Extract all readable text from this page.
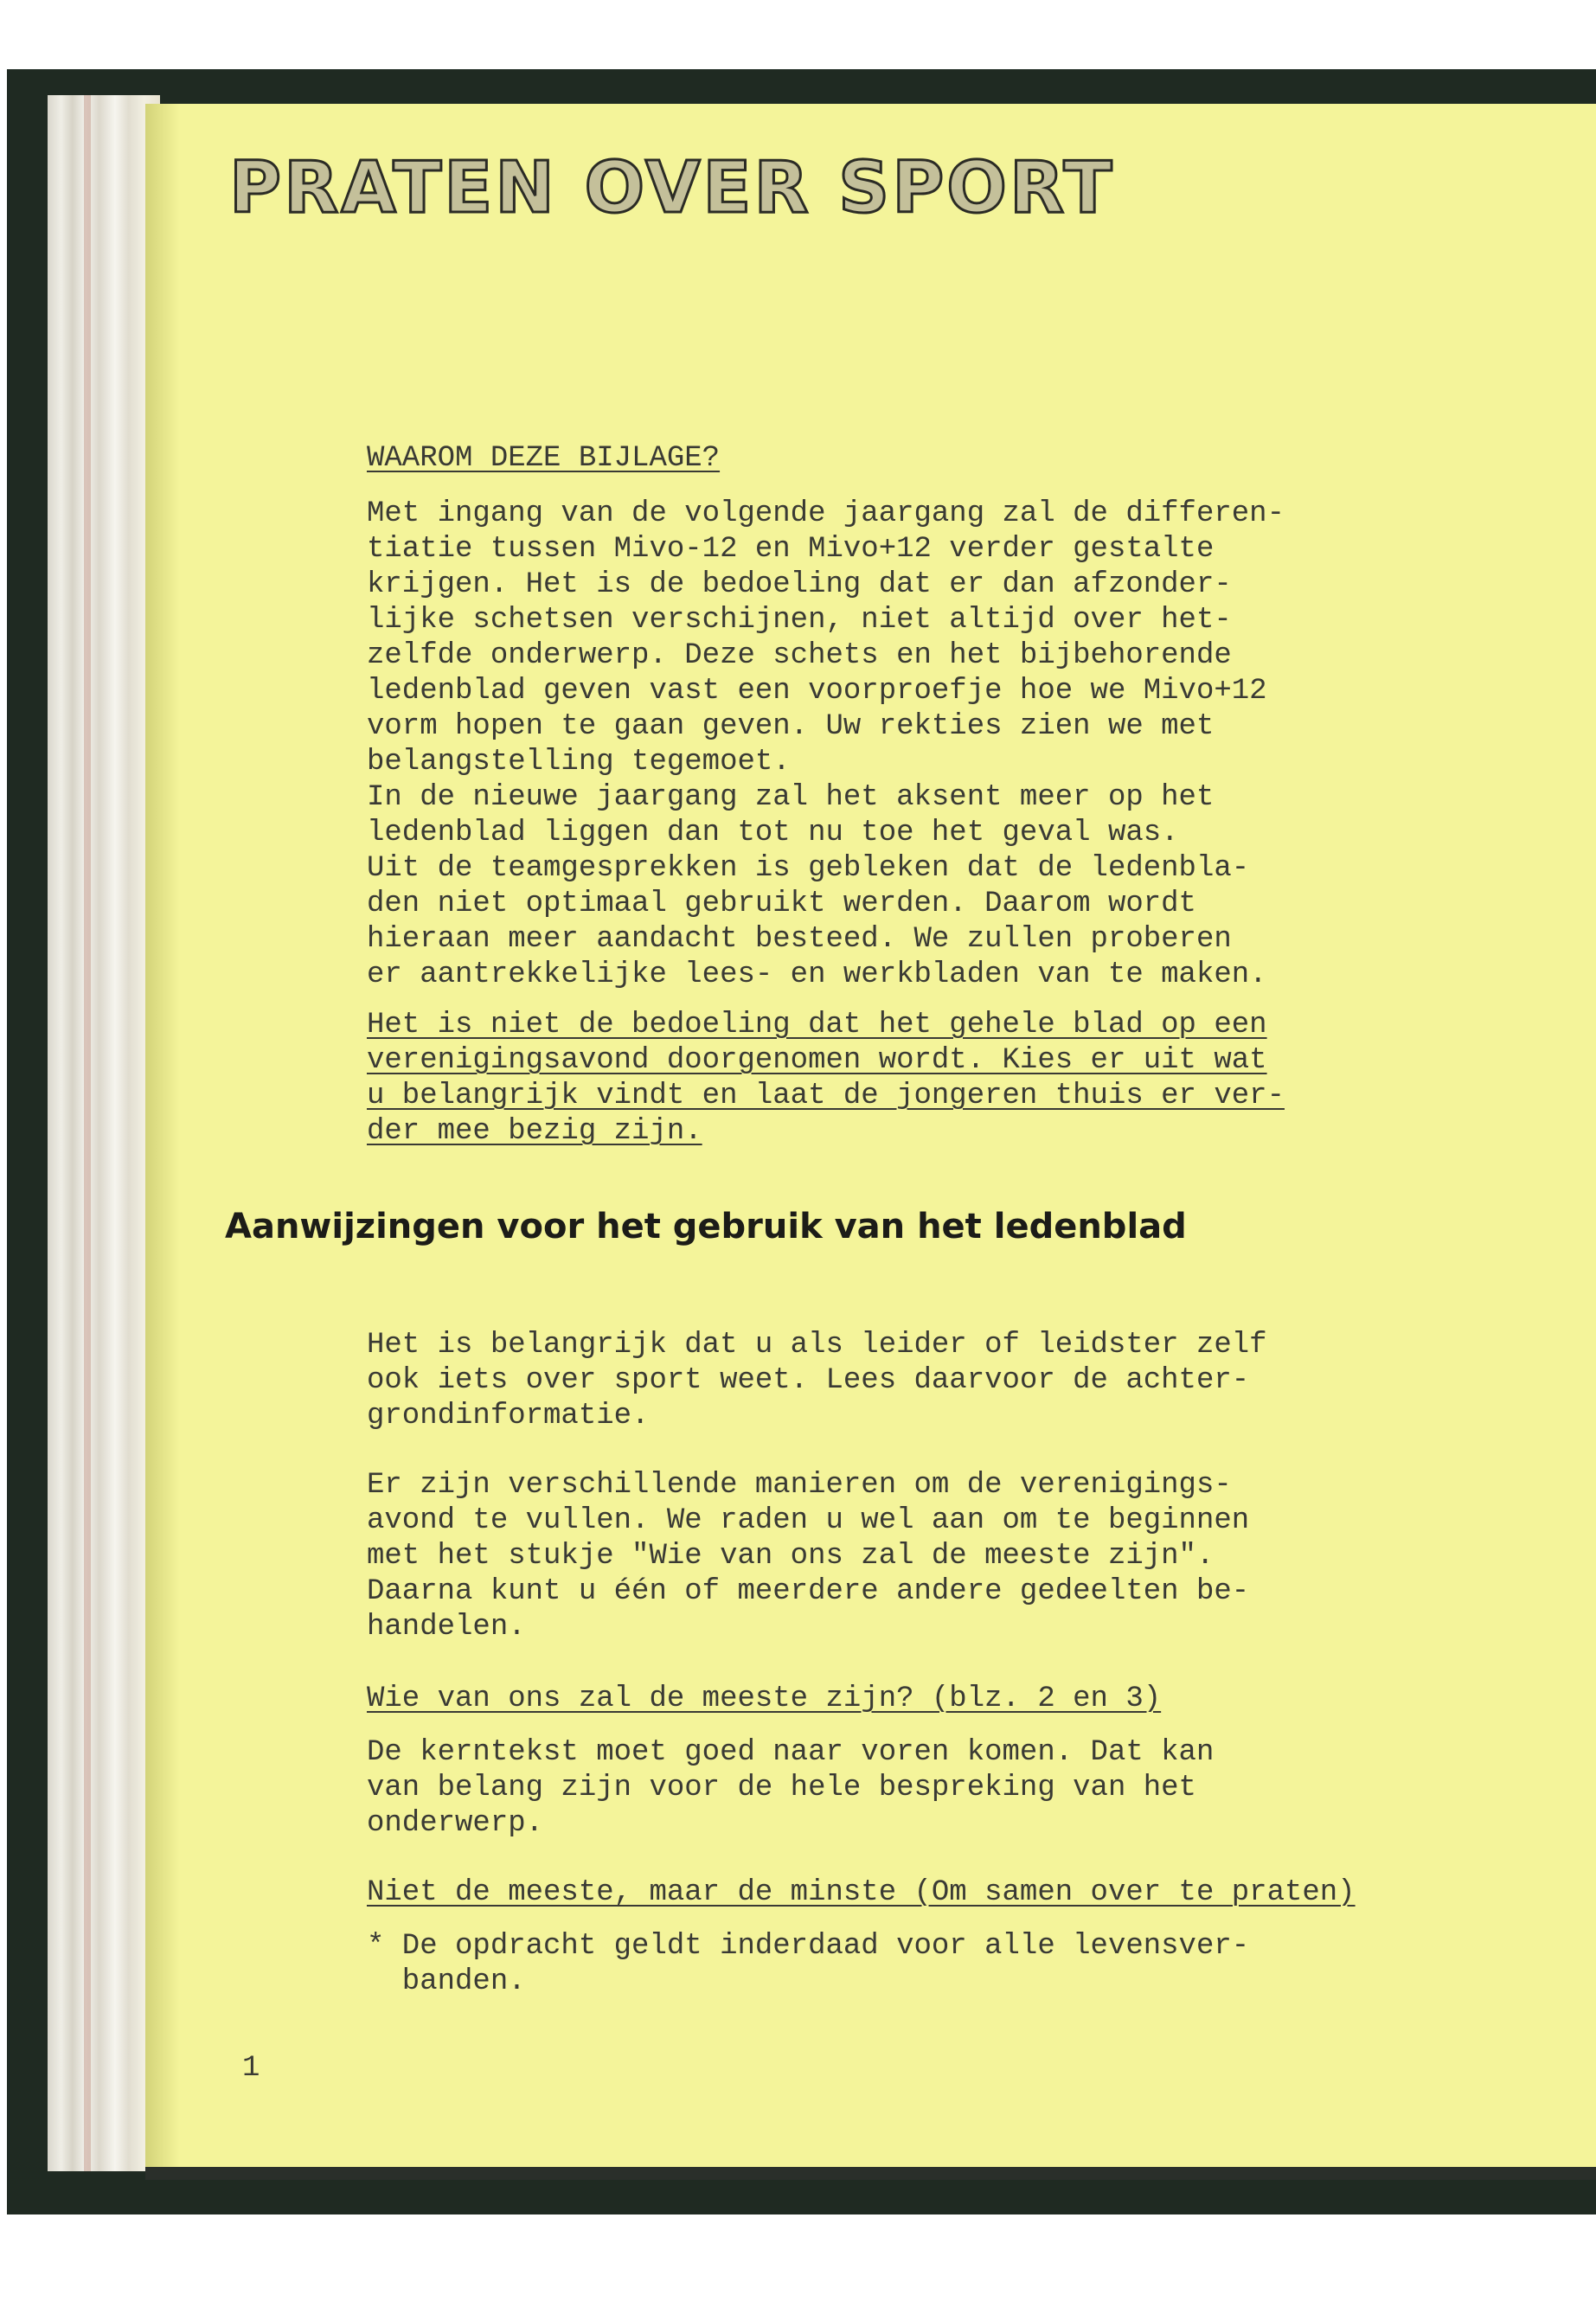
PRATEN OVER SPORT
WAAROM DEZE BIJLAGE?
Met ingang van de volgende jaargang zal de differen-
tiatie tussen Mivo-12 en Mivo+12 verder gestalte
krijgen. Het is de bedoeling dat er dan afzonder-
lijke schetsen verschijnen, niet altijd over het-
zelfde onderwerp. Deze schets en het bijbehorende
ledenblad geven vast een voorproefje hoe we Mivo+12
vorm hopen te gaan geven. Uw rekties zien we met
belangstelling tegemoet.
In de nieuwe jaargang zal het aksent meer op het
ledenblad liggen dan tot nu toe het geval was.
Uit de teamgesprekken is gebleken dat de ledenbla-
den niet optimaal gebruikt werden. Daarom wordt
hieraan meer aandacht besteed. We zullen proberen
er aantrekkelijke lees- en werkbladen van te maken.
Het is niet de bedoeling dat het gehele blad op een
verenigingsavond doorgenomen wordt. Kies er uit wat
u belangrijk vindt en laat de jongeren thuis er ver-
der mee bezig zijn.
Aanwijzingen voor het gebruik van het ledenblad
Het is belangrijk dat u als leider of leidster zelf
ook iets over sport weet. Lees daarvoor de achter-
grondinformatie.
Er zijn verschillende manieren om de verenigings-
avond te vullen. We raden u wel aan om te beginnen
met het stukje "Wie van ons zal de meeste zijn".
Daarna kunt u één of meerdere andere gedeelten be-
handelen.
Wie van ons zal de meeste zijn? (blz. 2 en 3)
De kerntekst moet goed naar voren komen. Dat kan
van belang zijn voor de hele bespreking van het
onderwerp.
Niet de meeste, maar de minste (Om samen over te praten)
* De opdracht geldt inderdaad voor alle levensver-
banden.
1
